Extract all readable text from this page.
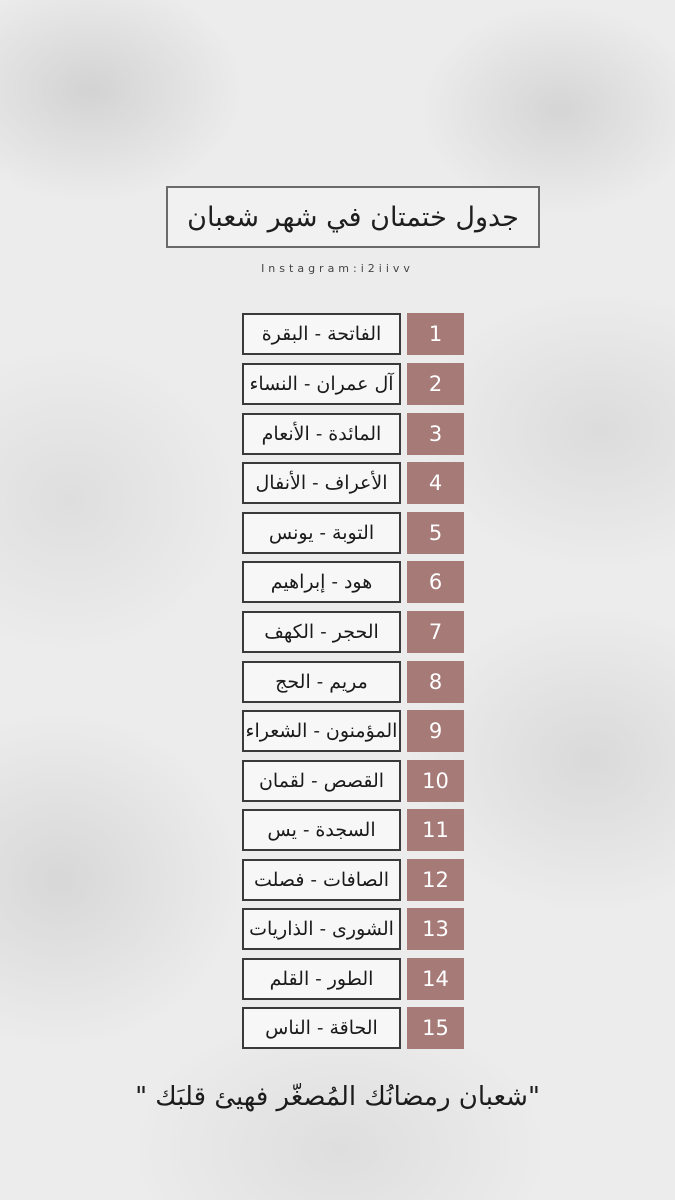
جدول ختمتان في شهر شعبان
Instagram:i2iivv
الفاتحة - البقرة	1
آل عمران - النساء	2
المائدة - الأنعام	3
الأعراف - الأنفال	4
التوبة - يونس	5
هود - إبراهيم	6
الحجر - الكهف	7
مريم - الحج	8
المؤمنون - الشعراء	9
القصص - لقمان	10
السجدة - يس	11
الصافات - فصلت	12
الشورى - الذاريات	13
الطور - القلم	14
الحاقة - الناس	15
"شعبان رمضانُك المُصغّر فهيئ قلبَك "
